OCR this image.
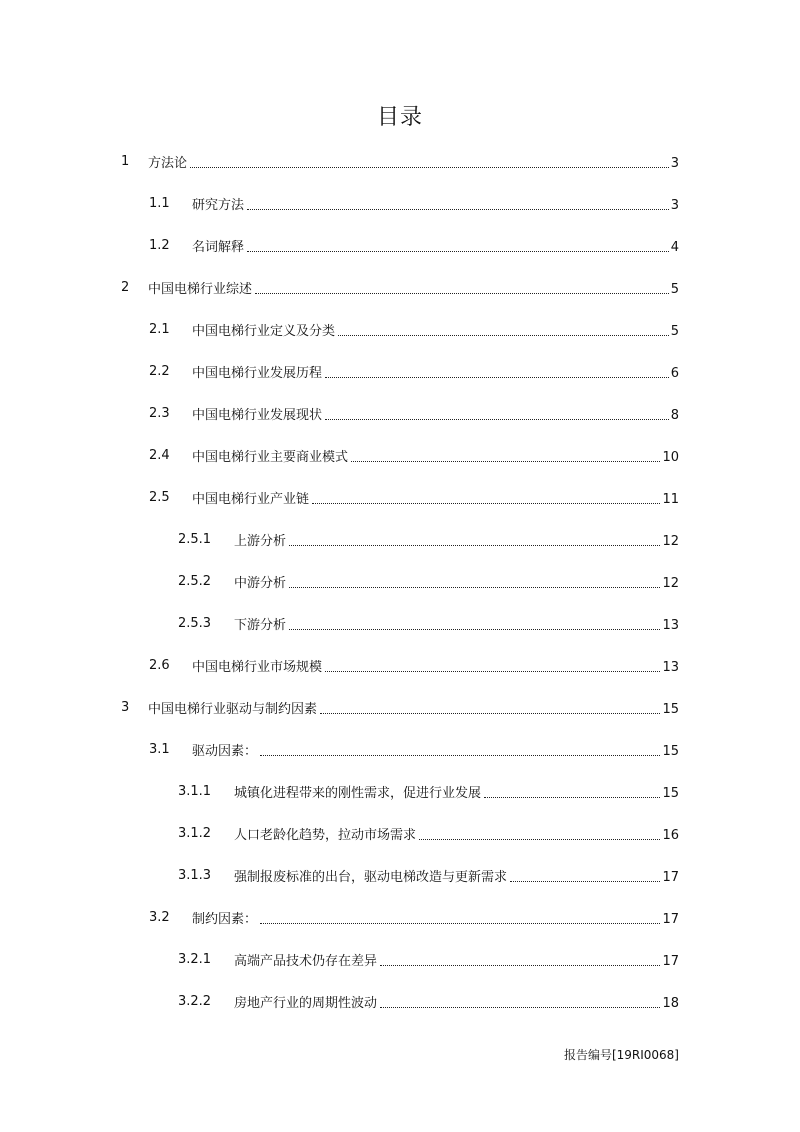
目录
1 方法论	3
1.1 研究方法	3
1.2 名词解释	4
2 中国电梯行业综述	5
2.1 中国电梯行业定义及分类	5
2.2 中国电梯行业发展历程	6
2.3 中国电梯行业发展现状	8
2.4 中国电梯行业主要商业模式	10
2.5 中国电梯行业产业链	11
2.5.1 上游分析	12
2.5.2 中游分析	12
2.5.3 下游分析	13
2.6 中国电梯行业市场规模	13
3 中国电梯行业驱动与制约因素	15
3.1 驱动因素：	15
3.1.1 城镇化进程带来的刚性需求，促进行业发展	15
3.1.2 人口老龄化趋势，拉动市场需求	16
3.1.3 强制报废标准的出台，驱动电梯改造与更新需求	17
3.2 制约因素：	17
3.2.1 高端产品技术仍存在差异	17
3.2.2 房地产行业的周期性波动	18
报告编号[19RI0068]
